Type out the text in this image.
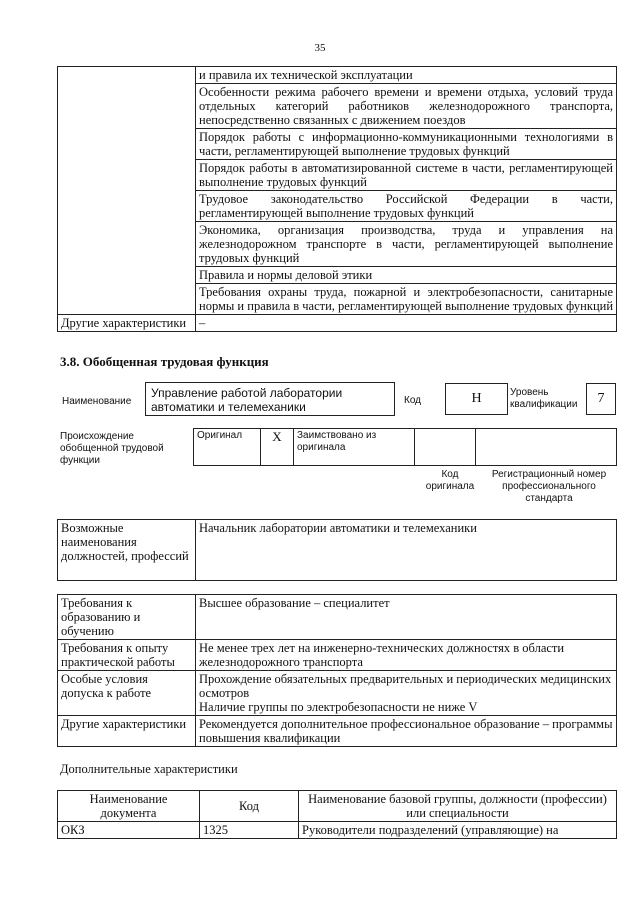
35
	и правила их технической эксплуатации
	Особенности режима рабочего времени и времени отдыха, условий труда отдельных категорий работников железнодорожного транспорта, непосредственно связанных с движением поездов
	Порядок работы с информационно-коммуникационными технологиями в части, регламентирующей выполнение трудовых функций
	Порядок работы в автоматизированной системе в части, регламентирующей выполнение трудовых функций
	Трудовое законодательство Российской Федерации в части, регламентирующей выполнение трудовых функций
	Экономика, организация производства, труда и управления на железнодорожном транспорте в части, регламентирующей выполнение трудовых функций
	Правила и нормы деловой этики
	Требования охраны труда, пожарной и электробезопасности, санитарные нормы и правила в части, регламентирующей выполнение трудовых функций
Другие характеристики	–
3.8. Обобщенная трудовая функция
Наименование
Управление работой лаборатории автоматики и телемеханики	Код	H	Уровень квалификации	7
Происхождение обобщенной трудовой функции
Оригинал	X	Заимствовано из оригинала		
Код оригинала
Регистрационный номер профессионального стандарта
Возможные наименования должностей, профессий	Начальник лаборатории автоматики и телемеханики
Требования к образованию и обучению	Высшее образование – специалитет
Требования к опыту практической работы	Не менее трех лет на инженерно-технических должностях в области железнодорожного транспорта
Особые условия допуска к работе	Прохождение обязательных предварительных и периодических медицинских осмотров
Наличие группы по электробезопасности не ниже V

Другие характеристики	Рекомендуется дополнительное профессиональное образование – программы повышения квалификации
Дополнительные характеристики
Наименование документа	Код	Наименование базовой группы, должности (профессии) или специальности
ОКЗ	1325	Руководители подразделений (управляющие) на
